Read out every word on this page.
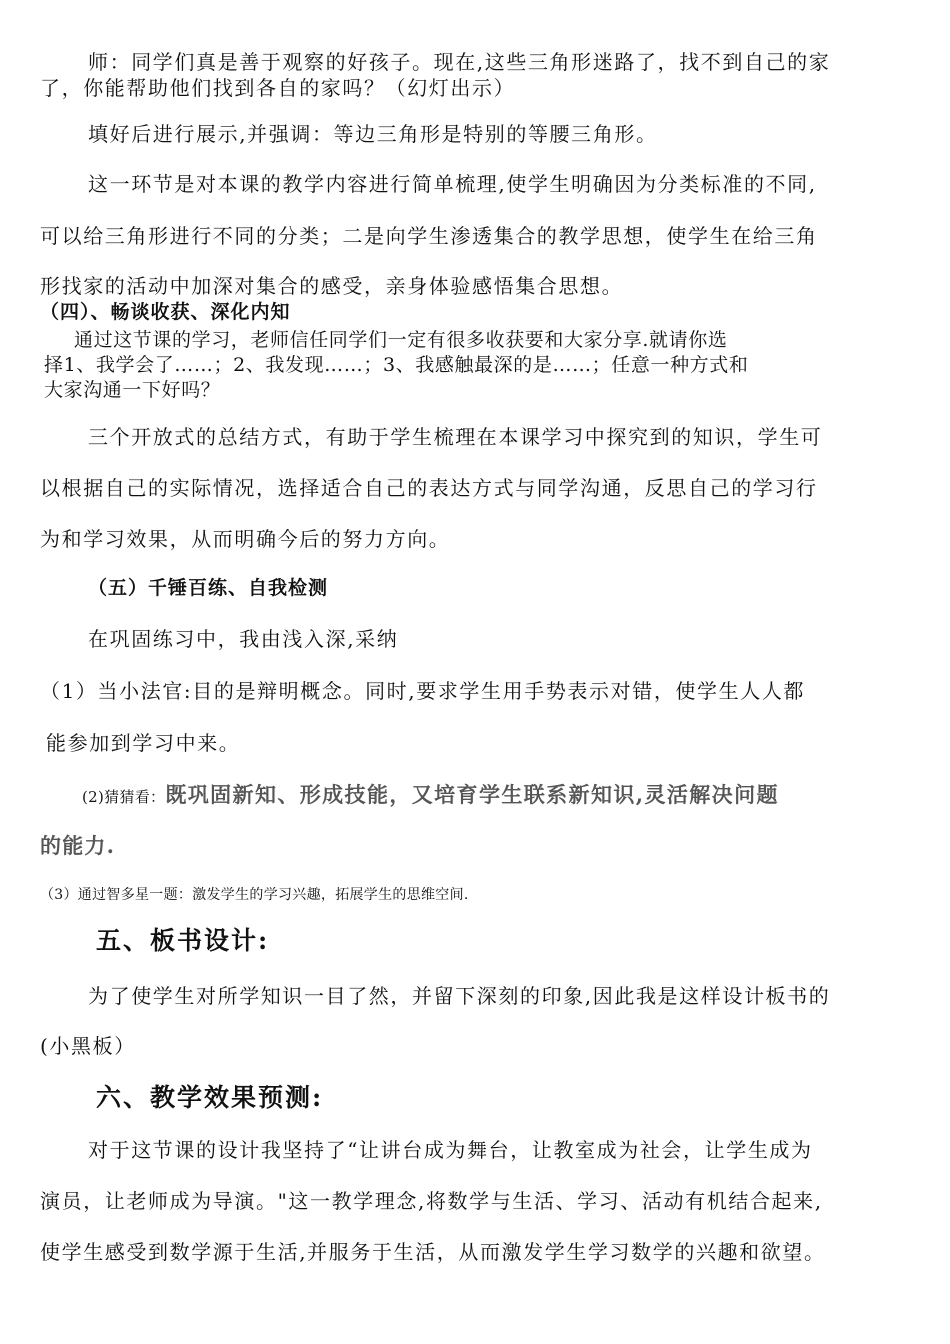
师：同学们真是善于观察的好孩子。现在,这些三角形迷路了，找不到自己的家

了，你能帮助他们找到各自的家吗？（幻灯出示）

填好后进行展示,并强调：等边三角形是特别的等腰三角形。

这一环节是对本课的教学内容进行简单梳理,使学生明确因为分类标准的不同,

可以给三角形进行不同的分类；二是向学生渗透集合的教学思想，使学生在给三角

形找家的活动中加深对集合的感受，亲身体验感悟集合思想。

（四）、畅谈收获、深化内知

通过这节课的学习，老师信任同学们一定有很多收获要和大家分享.就请你选

择1、我学会了……；2、我发现……；3、我感触最深的是……；任意一种方式和

大家沟通一下好吗？

三个开放式的总结方式，有助于学生梳理在本课学习中探究到的知识，学生可

以根据自己的实际情况，选择适合自己的表达方式与同学沟通，反思自己的学习行

为和学习效果，从而明确今后的努力方向。

（五）千锤百练、自我检测

在巩固练习中，我由浅入深,采纳

（1）当小法官:目的是辩明概念。同时,要求学生用手势表示对错，使学生人人都

能参加到学习中来。

(2)猜猜看：既巩固新知、形成技能，又培育学生联系新知识,灵活解决问题

的能力.

（3）通过智多星一题：激发学生的学习兴趣，拓展学生的思维空间.

五、板书设计:

为了使学生对所学知识一目了然，并留下深刻的印象,因此我是这样设计板书的

(小黑板）

六、教学效果预测:

对于这节课的设计我坚持了“让讲台成为舞台，让教室成为社会，让学生成为

演员，让老师成为导演。"这一教学理念,将数学与生活、学习、活动有机结合起来,

使学生感受到数学源于生活,并服务于生活，从而激发学生学习数学的兴趣和欲望。
